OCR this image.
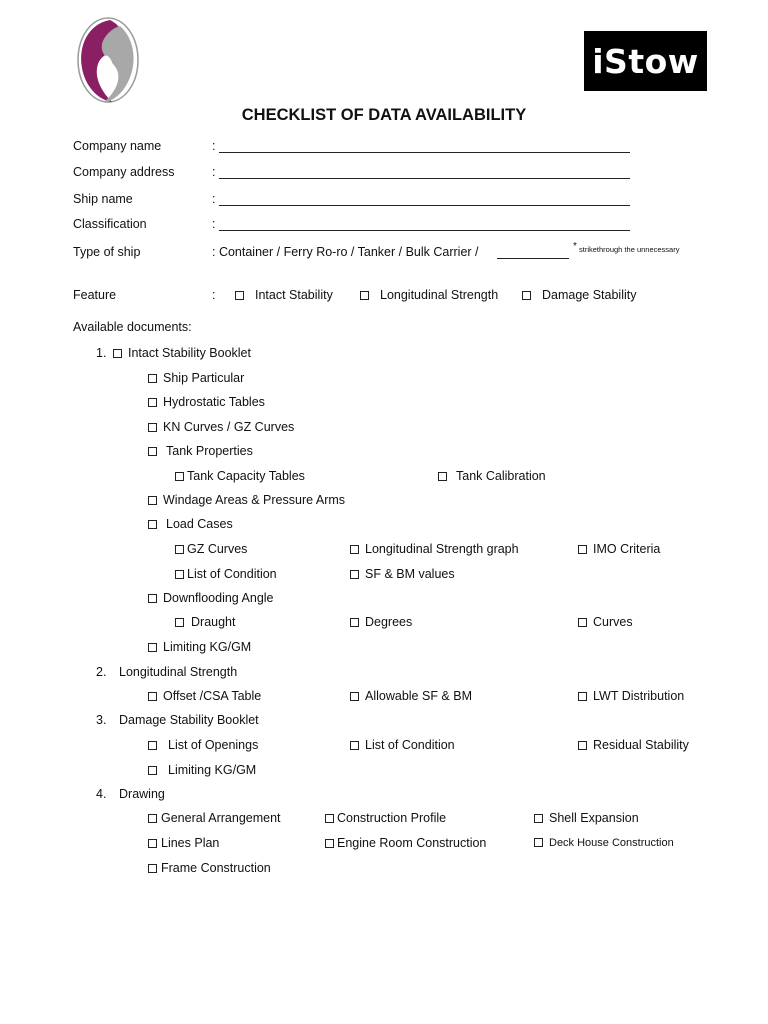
iStow
CHECKLIST OF DATA AVAILABILITY
Company name	:
Company address	:
Ship name	:
Classification	:
Type of ship	: Container / Ferry Ro-ro / Tanker / Bulk Carrier /	* strikethrough the unnecessary
Feature	:	Intact Stability	Longitudinal Strength	Damage Stability
Available documents:
1.	Intact Stability Booklet
Ship Particular
Hydrostatic Tables
KN Curves / GZ Curves
Tank Properties
Tank Capacity Tables	Tank Calibration
Windage Areas & Pressure Arms
Load Cases
GZ Curves	Longitudinal Strength graph	IMO Criteria
List of Condition	SF & BM values
Downflooding Angle
Draught	Degrees	Curves
Limiting KG/GM
2. Longitudinal Strength
Offset /CSA Table	Allowable SF & BM	LWT Distribution
3. Damage Stability Booklet
List of Openings	List of Condition	Residual Stability
Limiting KG/GM
4. Drawing
General Arrangement	Construction Profile	Shell Expansion
Lines Plan	Engine Room Construction	Deck House Construction
Frame Construction
